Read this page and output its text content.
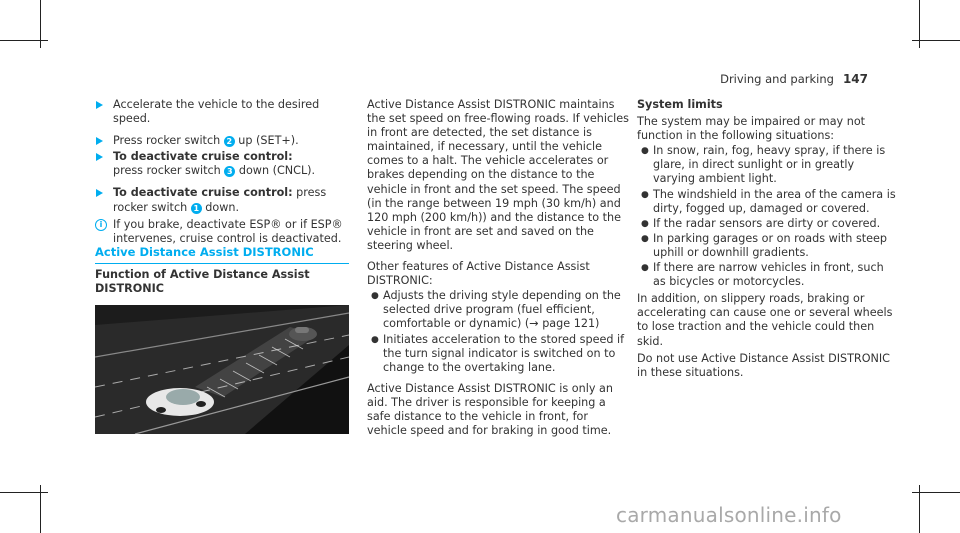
Driving and parking 147

Accelerate the vehicle to the desired speed.

Press rocker switch 2 up (SET+).

To deactivate cruise control:

press rocker switch 3 down (CNCL).

To deactivate cruise control: press rocker switch 1 down.

i If you brake, deactivate ESP® or if ESP® intervenes, cruise control is deactivated.

Active Distance Assist DISTRONIC
Function of Active Distance Assist DISTRONIC

Active Distance Assist DISTRONIC maintains the set speed on free-flowing roads. If vehicles in front are detected, the set distance is maintained, if necessary, until the vehicle comes to a halt. The vehicle accelerates or brakes depending on the distance to the vehicle in front and the set speed. The speed (in the range between 19 mph (30 km/h) and 120 mph (200 km/h)) and the distance to the vehicle in front are set and saved on the steering wheel.

Other features of Active Distance Assist DISTRONIC:

● Adjusts the driving style depending on the selected drive program (fuel efficient, comfortable or dynamic) (→ page 121)

● Initiates acceleration to the stored speed if the turn signal indicator is switched on to change to the overtaking lane.

Active Distance Assist DISTRONIC is only an aid. The driver is responsible for keeping a safe distance to the vehicle in front, for vehicle speed and for braking in good time.

System limits

The system may be impaired or may not function in the following situations:

● In snow, rain, fog, heavy spray, if there is glare, in direct sunlight or in greatly varying ambient light.

● The windshield in the area of the camera is dirty, fogged up, damaged or covered.

● If the radar sensors are dirty or covered.

● In parking garages or on roads with steep uphill or downhill gradients.

● If there are narrow vehicles in front, such as bicycles or motorcycles.

In addition, on slippery roads, braking or accelerating can cause one or several wheels to lose traction and the vehicle could then skid.

Do not use Active Distance Assist DISTRONIC in these situations.

carmanualsonline.info
